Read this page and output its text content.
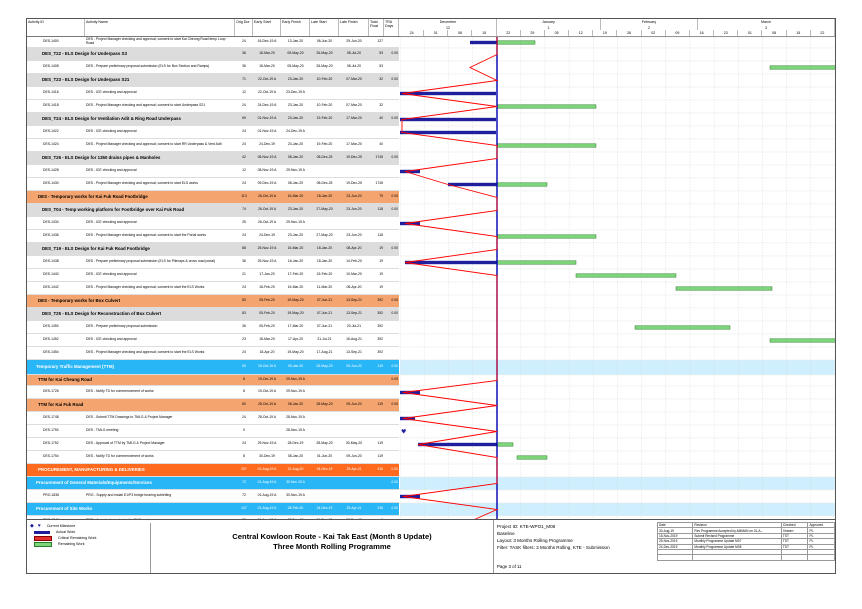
Activity ID	Activity Name	Orig Dur	Early Start	Early Finish	Late Start	Late Finish	Total Float
TRA Days
December	January	February	March
12	1	2	3
24	01	08	15	22	29	05	12	19	26	02	09	16	23	01	08	15	22
DES-1400	DES - Project Manager checking and approval; consent to start Kai Cheung Road temp Loop Road	24	16-Dec-19 A	13-Jan-20	06-Jun-20	29-Jun-20	127
DES_T22 - ELS Design for Underpass S3	36	18-Mar-20	05-May-20	26-May-20	08-Jul-20	53	0.00
DES-1408	DES - Prepare preliminary proposal submission (ELS for Box Section and Ramps)	36	18-Mar-20	05-May-20	26-May-20	08-Jul-20	53
DES_T23 - ELS Design for Underpass S21	71	22-Oct-19 A	23-Jan-20	10-Feb-20	07-Mar-20	32	0.00
DES-1416	DES - ICE checking and approval	12	22-Oct-19 A	23-Dec-19 A
DES-1418	DES - Project Manager checking and approval; consent to start Underpass S21	24	24-Dec-19 A	23-Jan-20	10-Feb-20	07-Mar-20	32
DES_T24 - ELS Design for Ventilation Adit & Ring Road Underpass	69	01-Nov-19 A	23-Jan-20	19-Feb-20	17-Mar-20	40	0.00
DES-1422	DES - ICE checking and approval	24	01-Nov-19 A	24-Dec-19 A
DES-1424	DES - Project Manager checking and approval; consent to start RR Underpass & Vent Adit	24	24-Dec-19	23-Jan-20	19-Feb-20	17-Mar-20	40
DES_T26 - ELS Design for 1350 drains pipes & Manholes	42	08-Nov-19 A	08-Jan-20	08-Dec-25	19-Dec-25	1745	0.00
DES-1428	DES - ICE checking and approval	12	08-Nov-19 A	29-Nov-19 A
DES-1430	DES - Project Manager checking and approval; consent to start ELS works	24	09-Dec-19 A	08-Jan-20	08-Dec-25	19-Dec-25	1745
DES - Temporary works for Kai Fuk Road Footbridge	113	26-Oct-19 A	16-Mar-20	18-Jan-20	23-Jun-20	79	0.00
DES_T04 - Temp working platform for Footbridge over Kai Fuk Road	74	26-Oct-19 A	23-Jan-20	27-May-20	23-Jun-20	118	0.00
DES-1434	DES - ICE checking and approval	25	26-Oct-19 A	29-Nov-19 A
DES-1436	DES - Project Manager checking and approval; consent to start the Portal works	24	24-Dec-19	23-Jan-20	27-May-20	23-Jun-20	118
DES_T19 - ELS Design for Kai Fuk Road Footbridge	88	25-Nov-19 A	16-Mar-20	18-Jan-20	08-Apr-20	19	0.00
DES-1438	DES - Prepare preliminary proposal submission (ELS for Pilecaps & cross road portal)	36	25-Nov-19 A	16-Jan-20	18-Jan-20	14-Feb-20	19
DES-1440	DES - ICE checking and approval	21	17-Jan-20	17-Feb-20	15-Feb-20	10-Mar-20	19
DES-1442	DES - Project Manager checking and approval; consent to start the ELS Works	24	18-Feb-20	16-Mar-20	11-Mar-20	08-Apr-20	19
DES - Temporary works for Box Culvert	83	05-Feb-20	19-May-20	07-Jun-21	13-Sep-21	392	0.00
DES_T25 - ELS Design for Reconstruction of Box Culvert	83	05-Feb-20	19-May-20	07-Jun-21	13-Sep-21	392	0.00
DES-1450	DES - Prepare preliminary proposal submission	36	05-Feb-20	17-Mar-20	07-Jun-21	20-Jul-21	392
DES-1452	DES - ICE checking and approval	23	18-Mar-20	17-Apr-20	21-Jul-21	16-Aug-21	392
DES-1454	DES - Project Manager checking and approval; consent to start the ELS Works	24	18-Apr-20	19-May-20	17-Aug-21	13-Sep-21	392
Temporary Traffic Management (TTM)	60	19-Oct-19 A	09-Jan-20	28-May-20	09-Jun-20	119	0.00
TTM for Kai Cheung Road	8	19-Oct-19 A	29-Nov-19 A	0.00
DES-1726	DES - Notify TD for commencement of works	8	19-Oct-19 A	29-Nov-19 A
TTM for Kai Fuk Road	60	28-Oct-19 A	08-Jan-20	28-May-20	09-Jun-20	119	0.00
DES-1748	DES - Submit TTM Drawings to TMLG & Project Manager	24	28-Oct-19 A	28-Nov-19 A
DES-1750	DES - TMLG meeting	0	28-Nov-19 A
DES-1752	DES - Approval of TTM by TMLG & Project Manager	24	29-Nov-19 A	28-Dec-19	28-May-20	30-May-20	119
DES-1754	DES - Notify TD for commencement of works	8	30-Dec-19	08-Jan-20	01-Jun-20	09-Jun-20	119
PROCUREMENT, MANUFACTURING & DELIVERIES	207	01-Aug-19 A	31-Aug-20	24-Dec-19	29-Apr-21	316	0.00
Procurement of General Materials/Equipments/Services	72	01-Aug-19 A	30-Nov-19 A	0.00
PRO-1836	PRO - Supply and install E1/P3 bridge bearing subletting	72	01-Aug-19 A	30-Nov-19 A
Procurement of Site Works	147	01-Aug-19 A	28-Feb-20	24-Dec-19	29-Apr-21	316	0.00
♥
◆ ♥ Current Milestone
Actual Work
Critical Remaining Work
Remaining Work
Central Kowloon Route - Kai Tak East (Month 8 Update)
Three Month Rolling Programme
Project ID: KTE-WPO1_M08
Baseline
Layout: 3 Months Rolling Programme
Filter: TASK filters: 3 Months Rolling, KTE - Submission
Page 3 of 11
Date	Revision	Checked	Approved
30-Aug-19	Rev Programme Accepted by AMMAN on 01-A...	Xinwen	PL
15-Nov-2019	Submit Revised Programme	TST	PL
25-Nov-2019	Monthly Programme Update M07	TST	PL
24-Dec-2019	Monthly Programme Update M08	TST	PL
